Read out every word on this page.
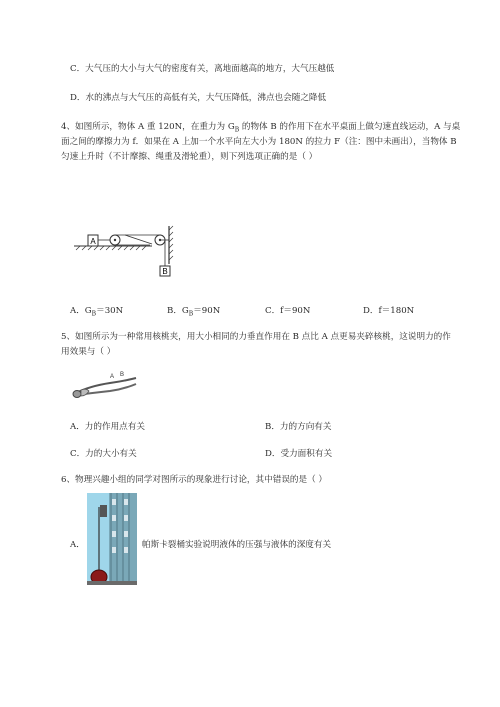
C．大气压的大小与大气的密度有关，离地面越高的地方，大气压越低
D．水的沸点与大气压的高低有关，大气压降低，沸点也会随之降低
4、如图所示，物体 A 重 120N，在重力为 $G_B$ 的物体 B 的作用下在水平桌面上做匀速直线运动，A 与桌
面之间的摩擦力为 f．如果在 A 上加一个水平向左大小为 180N 的拉力 F（注：图中未画出），当物体 B
匀速上升时（不计摩擦、绳重及滑轮重），则下列选项正确的是（ ）
A
B
A．$G_B=30N$	B．$G_B=90N$	C．f＝90N	D．f＝180N
5、如图所示为一种常用核桃夹，用大小相同的力垂直作用在 B 点比 A 点更易夹碎核桃，这说明力的作
用效果与（ ）
A B
A．力的作用点有关	B．力的方向有关
C．力的大小有关	D．受力面积有关
6、物理兴趣小组的同学对图所示的现象进行讨论，其中错误的是（ ）
A．	帕斯卡裂桶实验说明液体的压强与液体的深度有关
